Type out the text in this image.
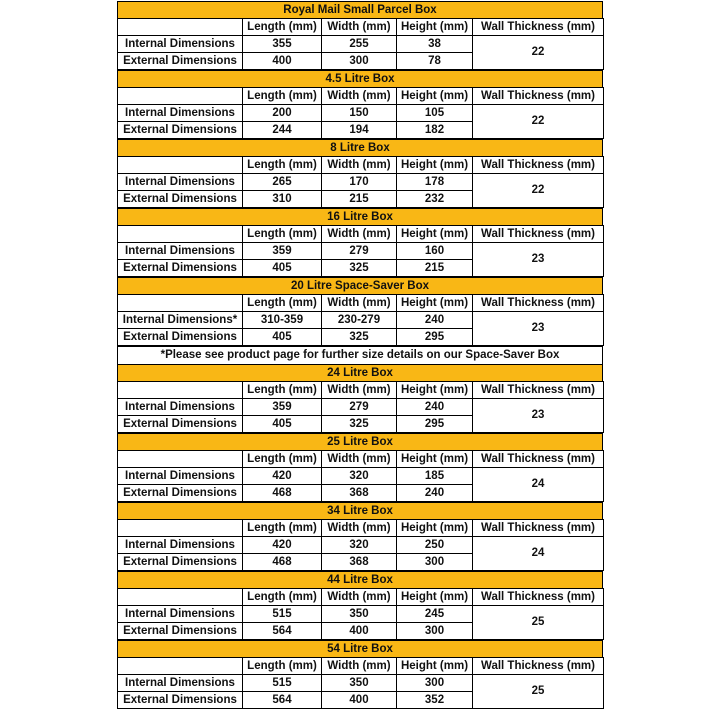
Royal Mail Small Parcel Box
	Length (mm)	Width (mm)	Height (mm)	Wall Thickness (mm)
Internal Dimensions	355	255	38	22
External Dimensions	400	300	78	
4.5 Litre Box
	Length (mm)	Width (mm)	Height (mm)	Wall Thickness (mm)
Internal Dimensions	200	150	105	22
External Dimensions	244	194	182	
8 Litre Box
	Length (mm)	Width (mm)	Height (mm)	Wall Thickness (mm)
Internal Dimensions	265	170	178	22
External Dimensions	310	215	232	
16 Litre Box
	Length (mm)	Width (mm)	Height (mm)	Wall Thickness (mm)
Internal Dimensions	359	279	160	23
External Dimensions	405	325	215	
20 Litre Space-Saver Box
	Length (mm)	Width (mm)	Height (mm)	Wall Thickness (mm)
Internal Dimensions*	310-359	230-279	240	23
External Dimensions	405	325	295	
*Please see product page for further size details on our Space-Saver Box
24 Litre Box
	Length (mm)	Width (mm)	Height (mm)	Wall Thickness (mm)
Internal Dimensions	359	279	240	23
External Dimensions	405	325	295	
25 Litre Box
	Length (mm)	Width (mm)	Height (mm)	Wall Thickness (mm)
Internal Dimensions	420	320	185	24
External Dimensions	468	368	240	
34 Litre Box
	Length (mm)	Width (mm)	Height (mm)	Wall Thickness (mm)
Internal Dimensions	420	320	250	24
External Dimensions	468	368	300	
44 Litre Box
	Length (mm)	Width (mm)	Height (mm)	Wall Thickness (mm)
Internal Dimensions	515	350	245	25
External Dimensions	564	400	300	
54 Litre Box
	Length (mm)	Width (mm)	Height (mm)	Wall Thickness (mm)
Internal Dimensions	515	350	300	25
External Dimensions	564	400	352	
